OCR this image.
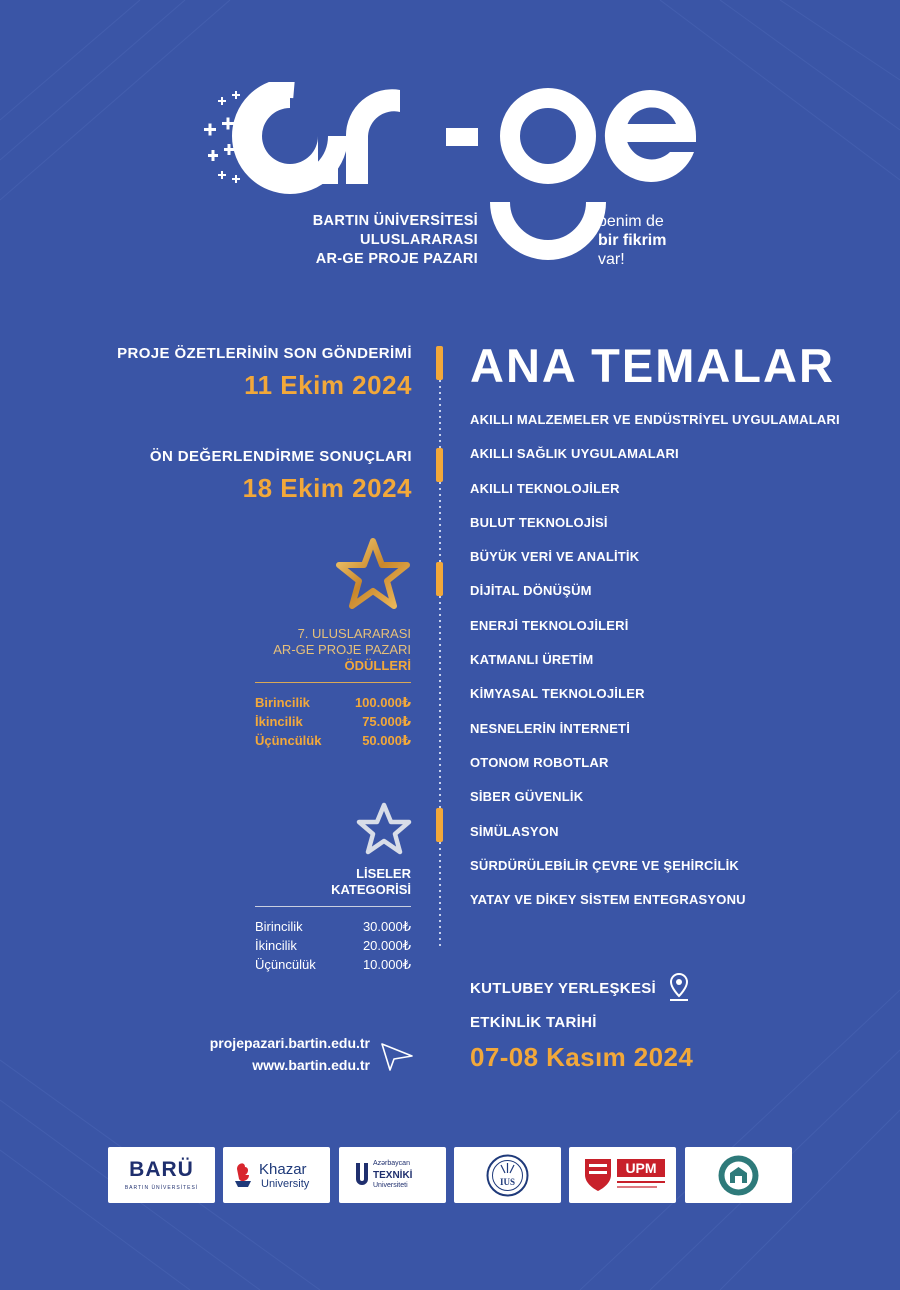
BARTIN ÜNİVERSİTESİ
ULUSLARARASI
AR-GE PROJE PAZARI
benim de
bir fikrim
var!
PROJE ÖZETLERİNİN SON GÖNDERİMİ
11 Ekim 2024
ÖN DEĞERLENDİRME SONUÇLARI
18 Ekim 2024
7. ULUSLARARASI
AR-GE PROJE PAZARI
ÖDÜLLERİ
Birincilik	100.000₺
İkincilik	75.000₺
Üçüncülük	50.000₺
LİSELER
KATEGORİSİ
Birincilik	30.000₺
İkincilik	20.000₺
Üçüncülük	10.000₺
projepazari.bartin.edu.tr
www.bartin.edu.tr
ANA TEMALAR
AKILLI MALZEMELER VE ENDÜSTRİYEL UYGULAMALARI
AKILLI SAĞLIK UYGULAMALARI
AKILLI TEKNOLOJİLER
BULUT TEKNOLOJİSİ
BÜYÜK VERİ VE ANALİTİK
DİJİTAL DÖNÜŞÜM
ENERJİ TEKNOLOJİLERİ
KATMANLI ÜRETİM
KİMYASAL TEKNOLOJİLER
NESNELERİN İNTERNETİ
OTONOM ROBOTLAR
SİBER GÜVENLİK
SİMÜLASYON
SÜRDÜRÜLEBİLİR ÇEVRE VE ŞEHİRCİLİK
YATAY VE DİKEY SİSTEM ENTEGRASYONU
KUTLUBEY YERLEŞKESİ
ETKİNLİK TARİHİ
07-08 Kasım 2024
BARÜ
BARTIN ÜNİVERSİTESİ
Khazar
University
Azərbaycan
TEXNİKİ
Universiteti	IUS
UPM
